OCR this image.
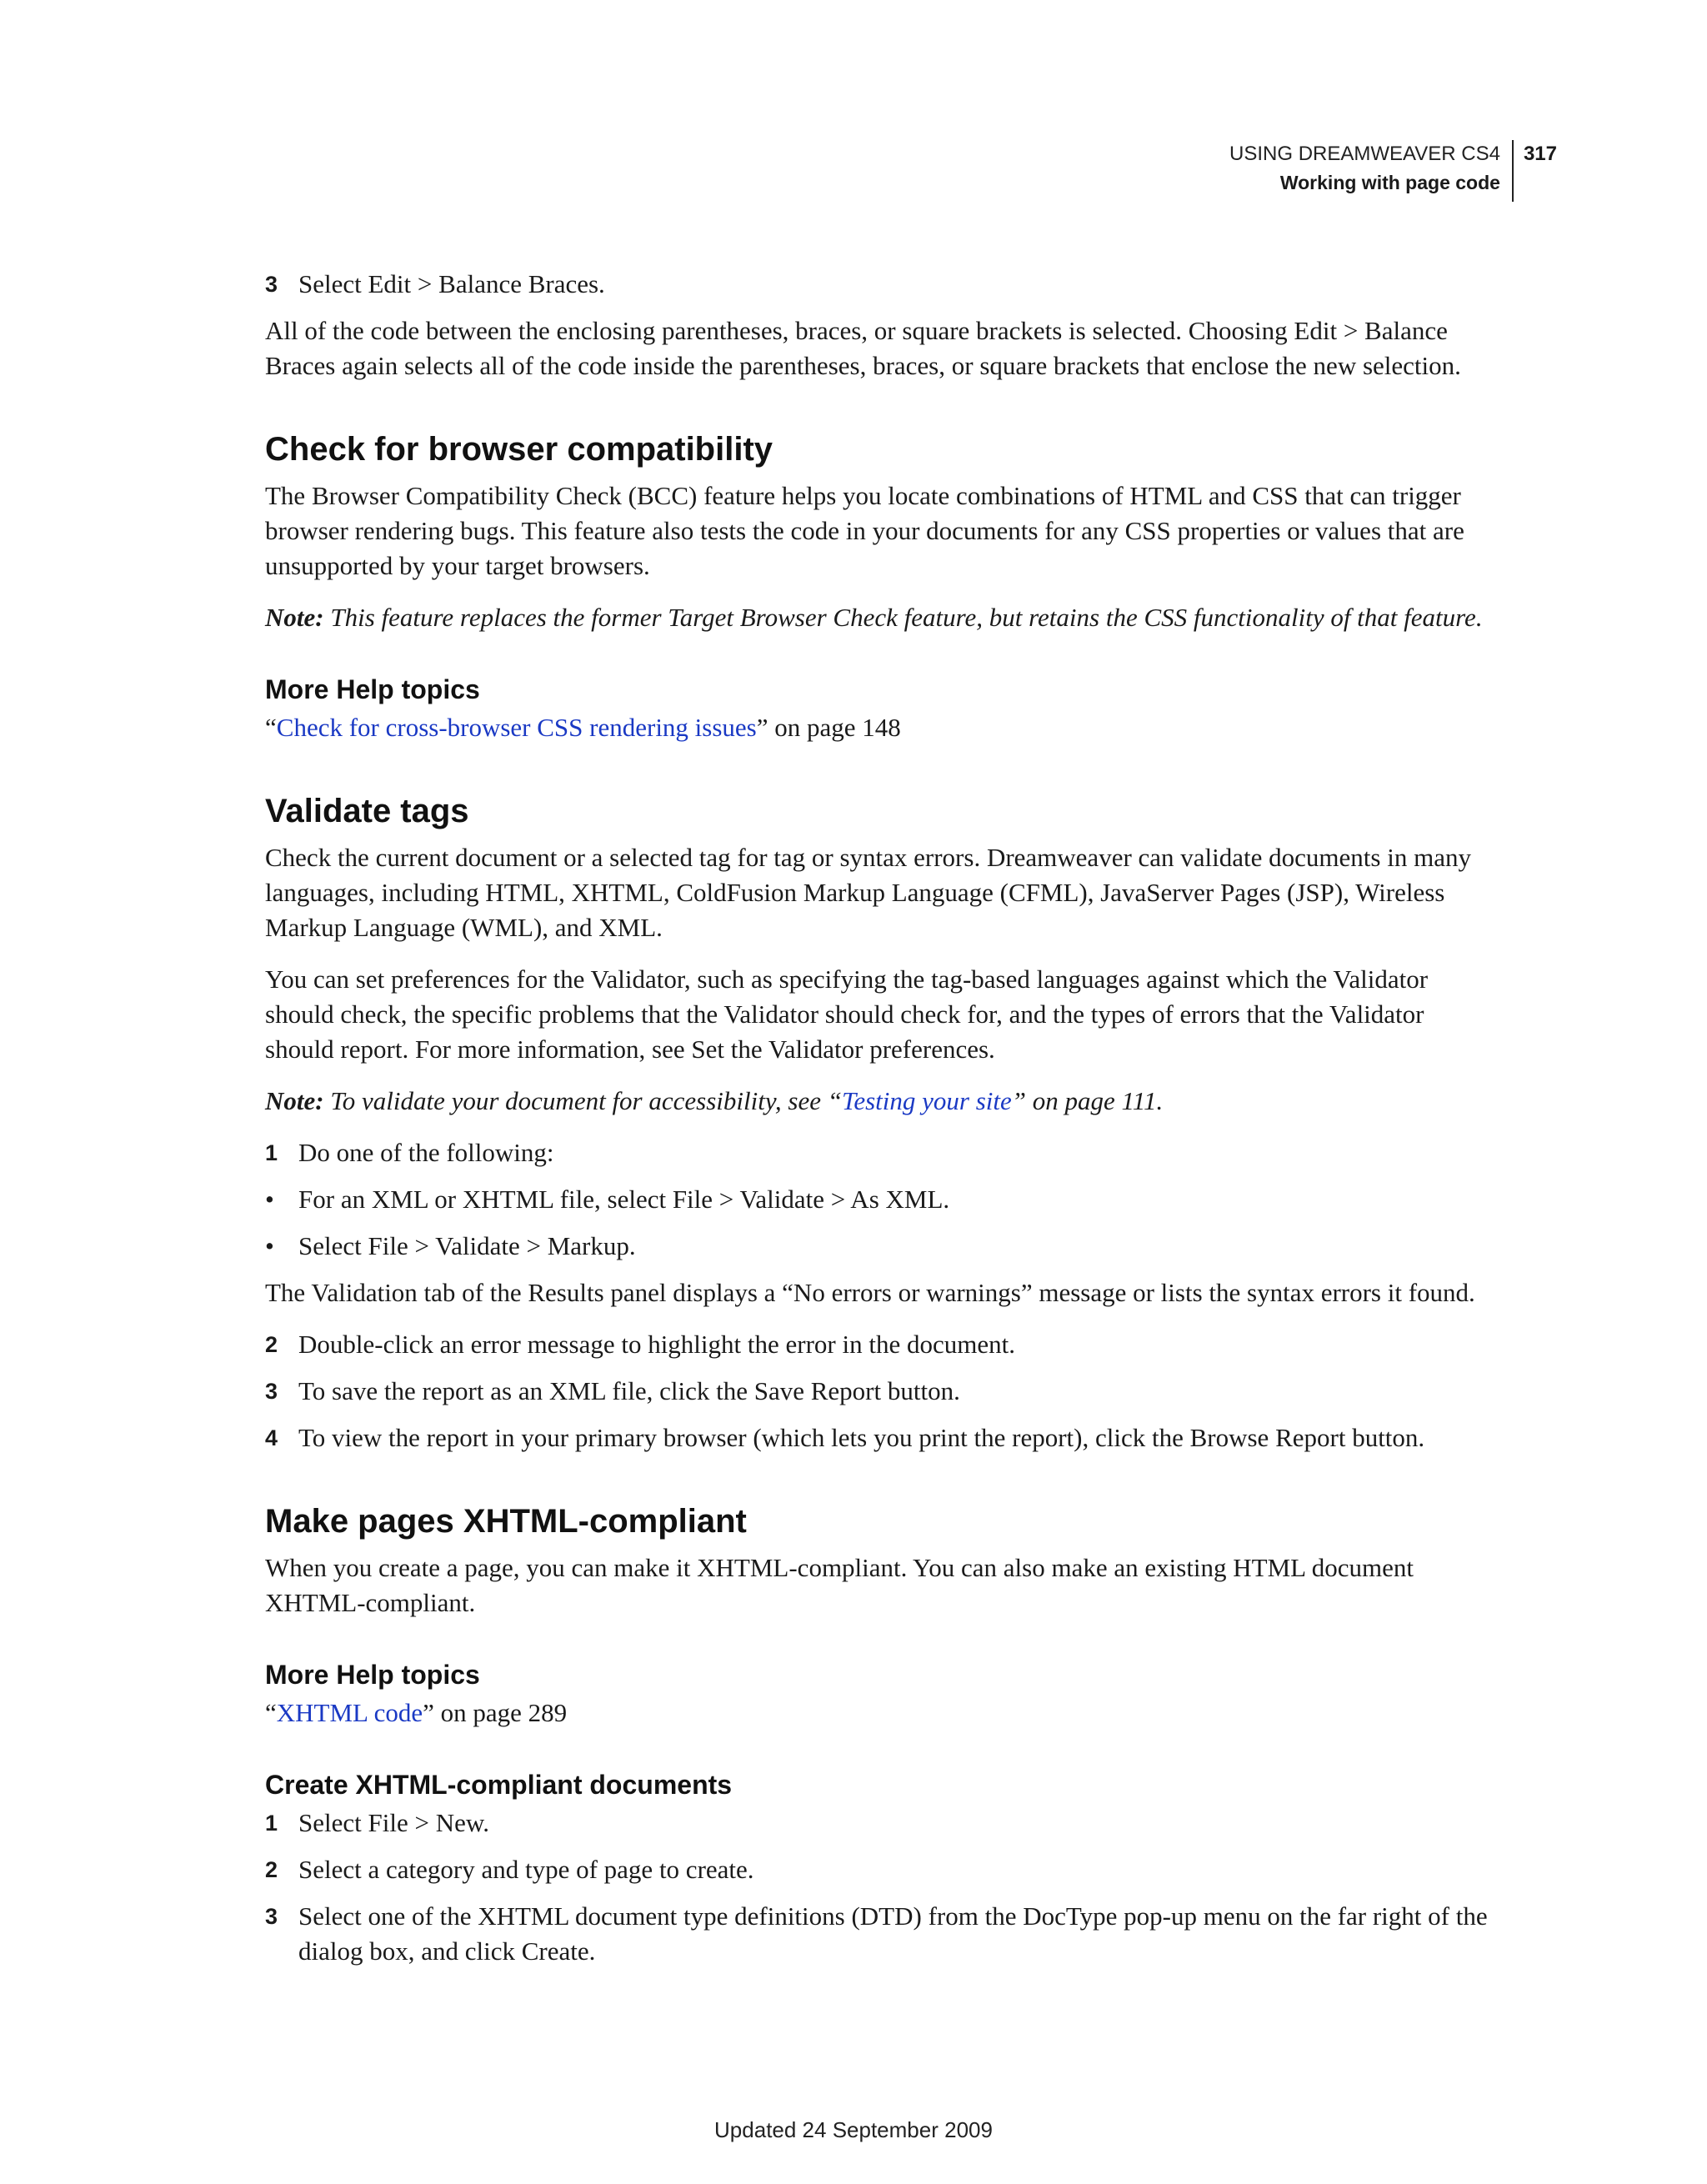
USING DREAMWEAVER CS4
Working with page code
317
3 Select Edit > Balance Braces.

All of the code between the enclosing parentheses, braces, or square brackets is selected. Choosing Edit > Balance Braces again selects all of the code inside the parentheses, braces, or square brackets that enclose the new selection.

Check for browser compatibility

The Browser Compatibility Check (BCC) feature helps you locate combinations of HTML and CSS that can trigger browser rendering bugs. This feature also tests the code in your documents for any CSS properties or values that are unsupported by your target browsers.

Note: This feature replaces the former Target Browser Check feature, but retains the CSS functionality of that feature.

More Help topics

“Check for cross-browser CSS rendering issues” on page 148

Validate tags

Check the current document or a selected tag for tag or syntax errors. Dreamweaver can validate documents in many languages, including HTML, XHTML, ColdFusion Markup Language (CFML), JavaServer Pages (JSP), Wireless Markup Language (WML), and XML.

You can set preferences for the Validator, such as specifying the tag-based languages against which the Validator should check, the specific problems that the Validator should check for, and the types of errors that the Validator should report. For more information, see Set the Validator preferences.

Note: To validate your document for accessibility, see “Testing your site” on page 111.

1 Do one of the following:
• For an XML or XHTML file, select File > Validate > As XML.
• Select File > Validate > Markup.

The Validation tab of the Results panel displays a “No errors or warnings” message or lists the syntax errors it found.

2 Double-click an error message to highlight the error in the document.
3 To save the report as an XML file, click the Save Report button.
4 To view the report in your primary browser (which lets you print the report), click the Browse Report button.
Make pages XHTML-compliant

When you create a page, you can make it XHTML-compliant. You can also make an existing HTML document XHTML-compliant.

More Help topics

“XHTML code” on page 289

Create XHTML-compliant documents
1 Select File > New.
2 Select a category and type of page to create.
3 Select one of the XHTML document type definitions (DTD) from the DocType pop-up menu on the far right of the dialog box, and click Create.
Updated 24 September 2009
